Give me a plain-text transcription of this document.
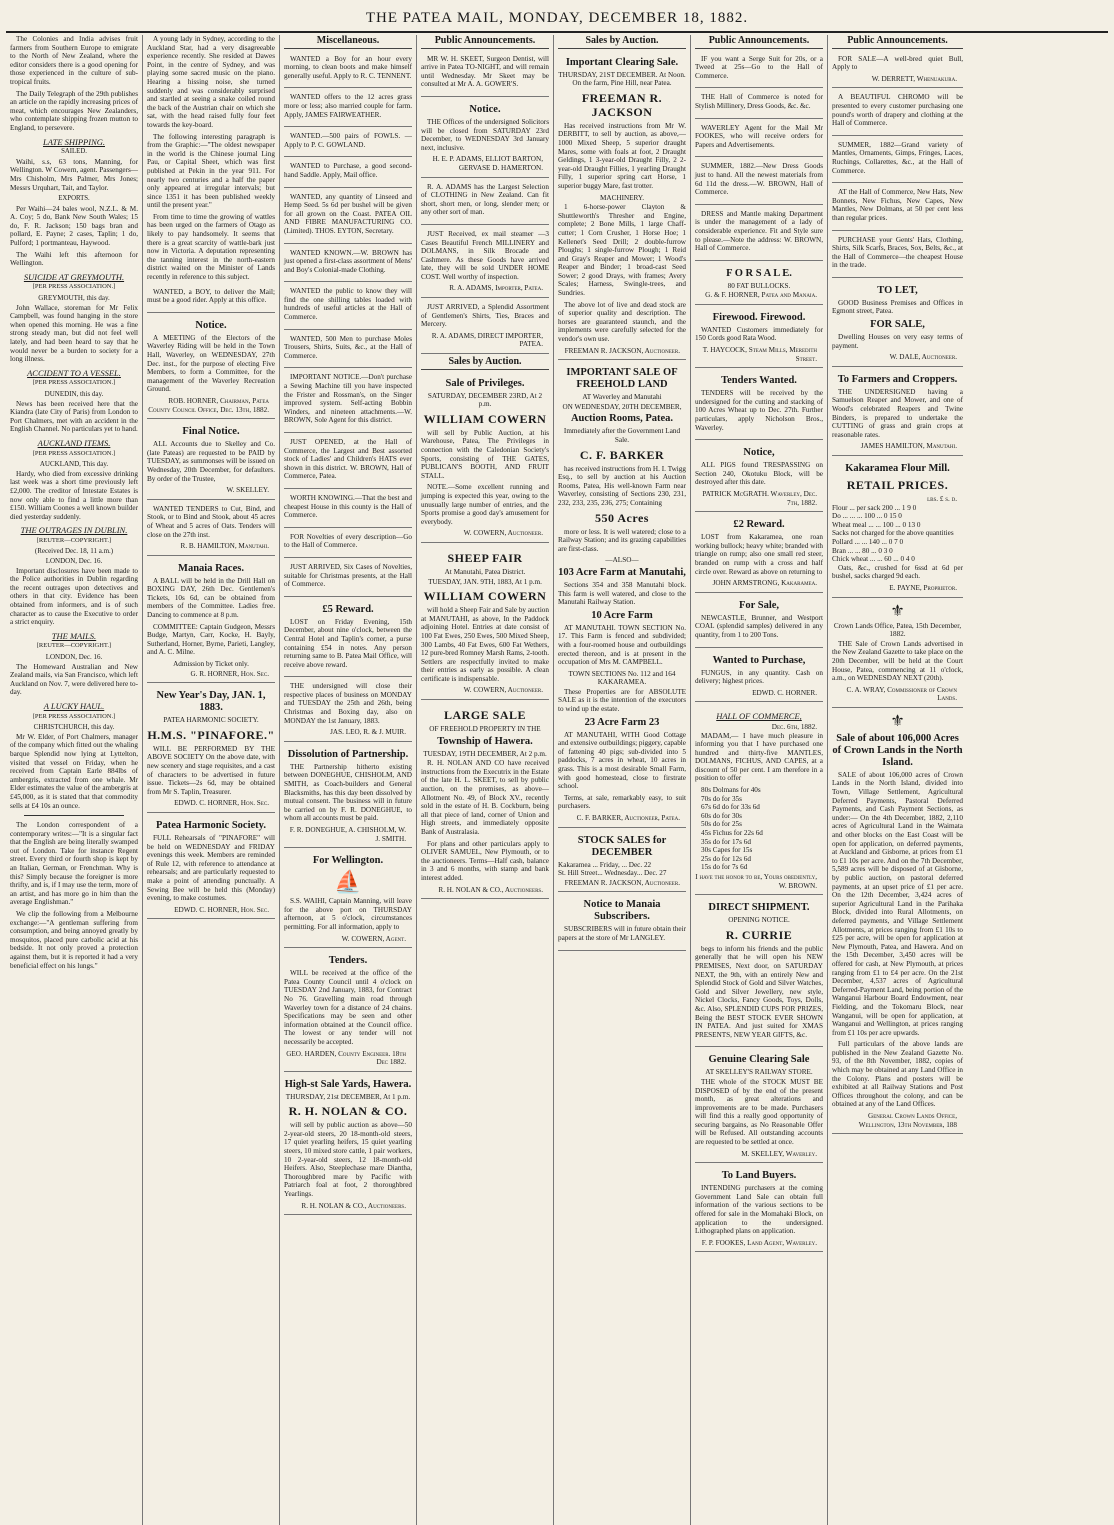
THE PATEA MAIL, MONDAY, DECEMBER 18, 1882.

The Colonies and India advises fruit farmers from Southern Europe to emigrate to the North of New Zealand, where the editor considers there is a good opening for those experienced in the culture of sub-tropical fruits.

The Daily Telegraph of the 29th publishes an article on the rapidly increasing prices of meat, which encourages New Zealanders, who contemplate shipping frozen mutton to England, to persevere.

LATE SHIPPING.
SAILED.

Waihi, s.s, 63 tons, Manning, for Wellington. W Cowern, agent. Passengers—Mrs Chisholm, Mrs Palmer, Mrs Jones; Messrs Urquhart, Tait, and Taylor.

EXPORTS.

Per Waihi—24 bales wool, N.Z.L. & M. A. Coy; 5 do, Bank New South Wales; 15 do, F. R. Jackson; 150 bags bran and pollard, E. Payne; 2 cases, Taplin; 1 do, Pulford; 1 portmanteau, Haywood.

The Waihi left this afternoon for Wellington.

SUICIDE AT GREYMOUTH.
[PER PRESS ASSOCIATION.]
GREYMOUTH, this day.

John Wallace, storeman for Mr Felix Campbell, was found hanging in the store when opened this morning. He was a fine strong steady man, but did not feel well lately, and had been heard to say that he would never be a burden to society for a long illness.

ACCIDENT TO A VESSEL.
[PER PRESS ASSOCIATION.]
DUNEDIN, this day.

News has been received here that the Kiandra (late City of Paris) from London to Port Chalmers, met with an accident in the English Channel. No particulars yet to hand.

AUCKLAND ITEMS.
[PER PRESS ASSOCIATION.]
AUCKLAND, This day.

Hardy, who died from excessive drinking last week was a short time previously left £2,000. The creditor of Intestate Estates is now only able to find a little more than £150. William Coones a well known builder died yesterday suddenly.

THE OUTRAGES IN DUBLIN.
[REUTER—COPYRIGHT.]
(Received Dec. 18, 11 a.m.)
LONDON, Dec. 16.

Important disclosures have been made to the Police authorities in Dublin regarding the recent outrages upon detectives and others in that city. Evidence has been obtained from informers, and is of such character as to cause the Executive to order a strict enquiry.

THE MAILS.
[REUTER—COPYRIGHT.]
LONDON, Dec. 16.

The Homeward Australian and New Zealand mails, via San Francisco, which left Auckland on Nov. 7, were delivered here to-day.

A LUCKY HAUL.
[PER PRESS ASSOCIATION.]
CHRISTCHURCH, this day.

Mr W. Elder, of Port Chalmers, manager of the company which fitted out the whaling barque Splendid now lying at Lyttelton, visited that vessel on Friday, when he received from Captain Earle 884lbs of ambergris, extracted from one whale. Mr Elder estimates the value of the ambergris at £45,000, as it is stated that that commodity sells at £4 10s an ounce.

The London correspondent of a contemporary writes:—"It is a singular fact that the English are being literally swamped out of London. Take for instance Regent street. Every third or fourth shop is kept by an Italian, German, or Frenchman. Why is this? Simply because the foreigner is more thrifty, and is, if I may use the term, more of an artist, and has more go in him than the average Englishman."

We clip the following from a Melbourne exchange:—"A gentleman suffering from consumption, and being annoyed greatly by mosquitos, placed pure carbolic acid at his bedside. It not only proved a protection against them, but it is reported it had a very beneficial effect on his lungs."

A young lady in Sydney, according to the Auckland Star, had a very disagreeable experience recently. She resided at Dawes Point, in the centre of Sydney, and was playing some sacred music on the piano. Hearing a hissing noise, she turned suddenly and was considerably surprised and startled at seeing a snake coiled round the back of the Austrian chair on which she sat, with the head raised fully four feet towards the key-board.

The following interesting paragraph is from the Graphic:—"The oldest newspaper in the world is the Chinese journal Ling Pau, or Capital Sheet, which was first published at Pekin in the year 911. For nearly two centuries and a half the paper only appeared at irregular intervals; but since 1351 it has been published weekly until the present year."

From time to time the growing of wattles has been urged on the farmers of Otago as likely to pay handsomely. It seems that there is a great scarcity of wattle-bark just now in Victoria. A deputation representing the tanning interest in the north-eastern district waited on the Minister of Lands recently in reference to this subject.

WANTED, a BOY, to deliver the Mail; must be a good rider. Apply at this office.

Notice.

A MEETING of the Electors of the Waverley Riding will be held in the Town Hall, Waverley, on WEDNESDAY, 27th Dec. inst., for the purpose of electing Five Members, to form a Committee, for the management of the Waverley Recreation Ground.

ROB. HORNER, Chairman, Patea County Council Office, Dec. 13th, 1882.
Final Notice.

ALL Accounts due to Skelley and Co. (late Pateas) are requested to be PAID by TUESDAY, as summonses will be issued on Wednesday, 20th December, for defaulters. By order of the Trustee,

W. SKELLEY.

WANTED TENDERS to Cut, Bind, and Stook, or to Bind and Stook, about 45 acres of Wheat and 5 acres of Oats. Tenders will close on the 27th inst.

R. B. HAMILTON, Manutahi.
Manaia Races.

A BALL will be held in the Drill Hall on BOXING DAY, 26th Dec. Gentlemen's Tickets, 10s 6d, can be obtained from members of the Committee. Ladies free. Dancing to commence at 8 p.m.

COMMITTEE: Captain Gudgeon, Messrs Budge, Martyn, Carr, Kocke, H. Bayly, Sutherland, Horner, Byrne, Parieti, Langley, and A. C. Milne.

Admission by Ticket only.
G. R. HORNER, Hon. Sec.
New Year's Day, JAN. 1, 1883.
PATEA HARMONIC SOCIETY.
H.M.S. "PINAFORE."

WILL BE PERFORMED BY THE ABOVE SOCIETY On the above date, with new scenery and stage requisites, and a cast of characters to be advertised in future issue. Tickets—2s 6d, may be obtained from Mr S. Taplin, Treasurer.

EDWD. C. HORNER, Hon. Sec.
Patea Harmonic Society.

FULL Rehearsals of "PINAFORE" will be held on WEDNESDAY and FRIDAY evenings this week. Members are reminded of Rule 12, with reference to attendance at rehearsals; and are particularly requested to make a point of attending punctually. A Sewing Bee will be held this (Monday) evening, to make costumes.

EDWD. C. HORNER, Hon. Sec.
Miscellaneous.

WANTED a Boy for an hour every morning, to clean boots and make himself generally useful. Apply to R. C. TENNENT.

WANTED offers to the 12 acres grass more or less; also married couple for farm. Apply, JAMES FAIRWEATHER.

WANTED.—500 pairs of FOWLS. —Apply to P. C. GOWLAND.

WANTED to Purchase, a good second-hand Saddle. Apply, Mail office.

WANTED, any quantity of Linseed and Hemp Seed. 5s 6d per bushel will be given for all grown on the Coast. PATEA OIL AND FIBRE MANUFACTURING CO. (Limited). THOS. EYTON, Secretary.

WANTED KNOWN.—W. BROWN has just opened a first-class assortment of Mens' and Boy's Colonial-made Clothing.

WANTED the public to know they will find the one shilling tables loaded with hundreds of useful articles at the Hall of Commerce.

WANTED, 500 Men to purchase Moles Trousers, Shirts, Suits, &c., at the Hall of Commerce.

IMPORTANT NOTICE.—Don't purchase a Sewing Machine till you have inspected the Frister and Rossman's, on the Singer improved system. Self-acting Bobbin Winders, and nineteen attachments.—W. BROWN, Sole Agent for this district.

JUST OPENED, at the Hall of Commerce, the Largest and Best assorted stock of Ladies' and Children's HATS ever shown in this district. W. BROWN, Hall of Commerce, Patea.

WORTH KNOWING.—That the best and cheapest House in this county is the Hall of Commerce.

FOR Novelties of every description—Go to the Hall of Commerce.

JUST ARRIVED, Six Cases of Novelties, suitable for Christmas presents, at the Hall of Commerce.

£5 Reward.

LOST on Friday Evening, 15th December, about nine o'clock, between the Central Hotel and Taplin's corner, a purse containing £54 in notes. Any person returning same to B. Patea Mail Office, will receive above reward.

THE undersigned will close their respective places of business on MONDAY and TUESDAY the 25th and 26th, being Christmas and Boxing day, also on MONDAY the 1st January, 1883.

JAS. LEO, R. & J. MUIR.
Dissolution of Partnership.

THE Partnership hitherto existing between DONEGHUE, CHISHOLM, AND SMITH, as Coach-builders and General Blacksmiths, has this day been dissolved by mutual consent. The business will in future be carried on by F. R. DONEGHUE, to whom all accounts must be paid.

F. R. DONEGHUE, A. CHISHOLM, W. J. SMITH.
For Wellington.
⛵

S.S. WAIHI, Captain Manning, will leave for the above port on THURSDAY afternoon, at 5 o'clock, circumstances permitting. For all information, apply to

W. COWERN, Agent.
Tenders.

WILL be received at the office of the Patea County Council until 4 o'clock on TUESDAY 2nd January, 1883, for Contract No 76. Gravelling main road through Waverley town for a distance of 24 chains. Specifications may be seen and other information obtained at the Council office. The lowest or any tender will not necessarily be accepted.

GEO. HARDEN, County Engineer. 18th Dec 1882.
High-st Sale Yards, Hawera.
THURSDAY, 21st DECEMBER, At 1 p.m.
R. H. NOLAN & CO.

will sell by public auction as above—50 2-year-old steers, 20 18-month-old steers, 17 quiet yearling heifers, 15 quiet yearling steers, 10 mixed store cattle, 1 pair workers, 10 2-year-old steers, 12 18-month-old Heifers. Also, Steeplechase mare Diantha, Thoroughbred mare by Pacific with Patriarch foal at foot, 2 thoroughbred Yearlings.

R. H. NOLAN & CO., Auctioneers.
Public Announcements.

MR W. H. SKEET, Surgeon Dentist, will arrive in Patea TO-NIGHT, and will remain until Wednesday. Mr Skeet may be consulted at Mr A. A. GOWER'S.

Notice.

THE Offices of the undersigned Solicitors will be closed from SATURDAY 23rd December, to WEDNESDAY 3rd January next, inclusive.

H. E. P. ADAMS, ELLIOT BARTON, GERVASE D. HAMERTON.

R. A. ADAMS has the Largest Selection of CLOTHING in New Zealand. Can fit short, short men, or long, slender men; or any other sort of man.

JUST Received, ex mail steamer —3 Cases Beautiful French MILLINERY and DOLMANS, in Silk Brocade and Cashmere. As these Goods have arrived late, they will be sold UNDER HOME COST. Well worthy of inspection.

R. A. ADAMS, Importer, Patea.

JUST ARRIVED, a Splendid Assortment of Gentlemen's Shirts, Ties, Braces and Mercery.

R. A. ADAMS, DIRECT IMPORTER, PATEA.
Sales by Auction.
Sale of Privileges.
SATURDAY, DECEMBER 23RD, At 2 p.m.
WILLIAM COWERN

will sell by Public Auction, at his Warehouse, Patea, The Privileges in connection with the Caledonian Society's Sports, consisting of THE GATES, PUBLICAN'S BOOTH, AND FRUIT STALL.

NOTE.—Some excellent running and jumping is expected this year, owing to the unusually large number of entries, and the Sports promise a good day's amusement for everybody.

W. COWERN, Auctioneer.
SHEEP FAIR
At Manutahi, Patea District.
TUESDAY, JAN. 9TH, 1883, At 1 p.m.
WILLIAM COWERN

will hold a Sheep Fair and Sale by auction at MANUTAHI, as above, In the Paddock adjoining Hotel. Entries at date consist of 100 Fat Ewes, 250 Ewes, 500 Mixed Sheep, 300 Lambs, 40 Fat Ewes, 600 Fat Wethers, 12 pure-bred Romney Marsh Rams, 2-tooth. Settlers are respectfully invited to make their entries as early as possible. A clean certificate is indispensable.

W. COWERN, Auctioneer.
LARGE SALE
OF FREEHOLD PROPERTY IN THE
Township of Hawera.
TUESDAY, 19TH DECEMBER, At 2 p.m.

R. H. NOLAN AND CO have received instructions from the Executrix in the Estate of the late H. L. SKEET, to sell by public auction, on the premises, as above— Allotment No. 49, of Block XV., recently sold in the estate of H. B. Cockburn, being all that piece of land, corner of Union and High streets, and immediately opposite Bank of Australasia.

For plans and other particulars apply to OLIVER SAMUEL, New Plymouth, or to the auctioneers. Terms—Half cash, balance in 3 and 6 months, with stamp and bank interest added.

R. H. NOLAN & CO., Auctioneers.
Sales by Auction.
Important Clearing Sale.
THURSDAY, 21ST DECEMBER. At Noon. On the farm, Pine Hill, near Patea.
FREEMAN R. JACKSON

Has received instructions from Mr W. DERBITT, to sell by auction, as above,— 1000 Mixed Sheep, 5 superior draught Mares, some with foals at foot, 2 Draught Geldings, 1 3-year-old Draught Filly, 2 2-year-old Draught Fillies, 1 yearling Draught Filly, 1 superior spring cart Horse, 1 superior buggy Mare, fast trotter.

MACHINERY.

1 6-horse-power Clayton & Shuttleworth's Thresher and Engine, complete; 2 Bone Mills, 1 large Chaff-cutter; 1 Corn Crusher, 1 Horse Hoe; 1 Kellenet's Seed Drill; 2 double-furrow Ploughs; 1 single-furrow Plough; 1 Reid and Gray's Reaper and Mower; 1 Wood's Reaper and Binder; 1 broad-cast Seed Sower; 2 good Drays, with frames; Avery Scales; Harness, Swingle-trees, and Sundries.

The above lot of live and dead stock are of superior quality and description. The horses are guaranteed staunch, and the implements were carefully selected for the vendor's own use.

FREEMAN R. JACKSON, Auctioneer.
IMPORTANT SALE OF FREEHOLD LAND
AT Waverley and Manutahi
ON WEDNESDAY, 20TH DECEMBER,
Auction Rooms, Patea.
Immediately after the Government Land Sale.
C. F. BARKER

has received instructions from H. I. Twigg Esq., to sell by auction at his Auction Rooms, Patea, His well-known Farm near Waverley, consisting of Sections 230, 231, 232, 233, 235, 236, 275; Containing

550 Acres

more or less. It is well watered; close to a Railway Station; and its grazing capabilities are first-class.

—ALSO—
103 Acre Farm at Manutahi,

Sections 354 and 358 Manutahi block. This farm is well watered, and close to the Manutahi Railway Station.

10 Acre Farm

AT MANUTAHI. TOWN SECTION No. 17. This Farm is fenced and subdivided; with a four-roomed house and outbuildings erected thereon, and is at present in the occupation of Mrs M. CAMPBELL.

TOWN SECTIONS No. 112 and 164 KAKARAMEA.

These Properties are for ABSOLUTE SALE as it is the intention of the executors to wind up the estate.

23 Acre Farm 23

AT MANUTAHI, WITH Good Cottage and extensive outbuildings; piggery, capable of fattening 40 pigs; sub-divided into 5 paddocks, 7 acres in wheat, 10 acres in grass. This is a most desirable Small Farm, with good homestead, close to firstrate school.

Terms, at sale, remarkably easy, to suit purchasers.

C. F. BARKER, Auctioneer, Patea.
STOCK SALES for DECEMBER
Kakaramea ... Friday, ... Dec. 22
St. Hill Street... Wednesday... Dec. 27
FREEMAN R. JACKSON, Auctioneer.
Notice to Manaia Subscribers.

SUBSCRIBERS will in future obtain their papers at the store of Mr LANGLEY.

Public Announcements.

IF you want a Serge Suit for 20s, or a Tweed at 25s—Go to the Hall of Commerce.

THE Hall of Commerce is noted for Stylish Millinery, Dress Goods, &c. &c.

WAVERLEY Agent for the Mail Mr FOOKES, who will receive orders for Papers and Advertisements.

SUMMER, 1882.—New Dress Goods just to hand. All the newest materials from 6d 11d the dress.—W. BROWN, Hall of Commerce.

DRESS and Mantle making Department is under the management of a lady of considerable experience. Fit and Style sure to please.—Note the address: W. BROWN, Hall of Commerce.

F O R S A L E.
80 FAT BULLOCKS.
G. & F. HORNER, Patea and Manaia.
Firewood. Firewood.

WANTED Customers immediately for 150 Cords good Rata Wood.

T. HAYCOCK, Steam Mills, Meredith Street.
Tenders Wanted.

TENDERS will be received by the undersigned for the cutting and stacking of 100 Acres Wheat up to Dec. 27th. Further particulars, apply Nicholson Bros., Waverley.

Notice,

ALL PIGS found TRESPASSING on Section 240, Okotuku Block, will be destroyed after this date.

PATRICK McGRATH. Waverley, Dec. 7th, 1882.
£2 Reward.

LOST from Kakaramea, one roan working bullock; heavy white; branded with triangle on rump; also one small red steer, branded on rump with a cross and half circle over. Reward as above on returning to

JOHN ARMSTRONG, Kakaramea.
For Sale,

NEWCASTLE, Brunner, and Westport COAL (splendid samples) delivered in any quantity, from 1 to 200 Tons.

Wanted to Purchase,

FUNGUS, in any quantity. Cash on delivery; highest prices.

EDWD. C. HORNER.
HALL OF COMMERCE,
Dec. 6th, 1882.

MADAM,— I have much pleasure in informing you that I have purchased one hundred and thirty-five MANTLES, DOLMANS, FICHUS, AND CAPES, at a discount of 50 per cent. I am therefore in a position to offer

80s Dolmans for 40s
70s do for 35s
67s 6d do for 33s 6d
60s do for 30s
50s do for 25s
45s Fichus for 22s 6d
35s do for 17s 6d
30s Capes for 15s
25s do for 12s 6d
15s do for 7s 6d
I have the honor to be, Yours obediently, W. BROWN.
DIRECT SHIPMENT.
OPENING NOTICE.
R. CURRIE

begs to inform his friends and the public generally that he will open his NEW PREMISES, Next door, on SATURDAY NEXT, the 9th, with an entirely New and Splendid Stock of Gold and Silver Watches, Gold and Silver Jewellery, new style, Nickel Clocks, Fancy Goods, Toys, Dolls, &c. Also, SPLENDID CUPS FOR PRIZES, Being the BEST STOCK EVER SHOWN IN PATEA. And just suited for XMAS PRESENTS, NEW YEAR GIFTS, &c.

Genuine Clearing Sale
AT SKELLEY'S RAILWAY STORE.

THE whole of the STOCK MUST BE DISPOSED of by the end of the present month, as great alterations and improvements are to be made. Purchasers will find this a really good opportunity of securing bargains, as No Reasonable Offer will be Refused. All outstanding accounts are requested to be settled at once.

M. SKELLEY, Waverley.
To Land Buyers.

INTENDING purchasers at the coming Government Land Sale can obtain full information of the various sections to be offered for sale in the Momahaki Block, on application to the undersigned. Lithographed plans on application.

F. P. FOOKES, Land Agent, Waverley.
Public Announcements.

FOR SALE—A well-bred quiet Bull, Apply to

W. DERRETT, Whenuakura.

A BEAUTIFUL CHROMO will be presented to every customer purchasing one pound's worth of drapery and clothing at the Hall of Commerce.

SUMMER, 1882—Grand variety of Mantles, Ornaments, Gimps, Fringes, Laces, Ruchings, Collarettes, &c., at the Hall of Commerce.

AT the Hall of Commerce, New Hats, New Bonnets, New Fichus, New Capes, New Mantles, New Dolmans, at 50 per cent less than regular prices.

PURCHASE your Gents' Hats, Clothing, Shirts, Silk Scarfs, Braces, Sox, Belts, &c., at the Hall of Commerce—the cheapest House in the trade.

TO LET,

GOOD Business Premises and Offices in Egmont street, Patea.

FOR SALE,

Dwelling Houses on very easy terms of payment.

W. DALE, Auctioneer.
To Farmers and Croppers.

THE UNDERSIGNED having a Samuelson Reaper and Mower, and one of Wood's celebrated Reapers and Twine Binders, is prepared to undertake the CUTTING of grass and grain crops at reasonable rates.

JAMES HAMILTON, Manutahi.
Kakaramea Flour Mill.
RETAIL PRICES.
lbs. £ s. d.
Flour ... per sack 200 ... 1 9 0
Do ... ... ... 100 ... 0 15 0
Wheat meal ... ... 100 ... 0 13 0
Sacks not charged for the above quantities
Pollard ... ... 140 ... 0 7 0
Bran ... ... 80 ... 0 3 0
Chick wheat ... ... 60 ... 0 4 0

Oats, &c., crushed for 6ssd at 6d per bushel, sacks charged 9d each.

E. PAYNE, Proprietor.
⚜
Crown Lands Office, Patea, 15th December, 1882.

THE Sale of Crown Lands advertised in the New Zealand Gazette to take place on the 20th December, will be held at the Court House, Patea, commencing at 11 o'clock, a.m., on WEDNESDAY NEXT (20th).

C. A. WRAY, Commissioner of Crown Lands.
⚜
Sale of about 106,000 Acres of Crown Lands in the North Island.

SALE of about 106,000 acres of Crown Lands in the North Island, divided into Town, Village Settlement, Agricultural Deferred Payments, Pastoral Deferred Payments, and Cash Payment Sections, as under:— On the 4th December, 1882, 2,110 acres of Agricultural Land in the Waimata and other blocks on the East Coast will be open for application, on deferred payments, at Auckland and Gisborne, at prices from £1 to £1 10s per acre. And on the 7th December, 5,589 acres will be disposed of at Gisborne, by public auction, on pastoral deferred payments, at an upset price of £1 per acre. On the 12th December, 3,424 acres of superior Agricultural Land in the Parihaka Block, divided into Rural Allotments, on deferred payments, and Village Settlement Allotments, at prices ranging from £1 10s to £25 per acre, will be open for application at New Plymouth, Patea, and Hawera. And on the 15th December, 3,450 acres will be offered for cash, at New Plymouth, at prices ranging from £1 to £4 per acre. On the 21st December, 4,537 acres of Agricultural Deferred-Payment Land, being portion of the Wanganui Harbour Board Endowment, near Fielding, and the Tokomaru Block, near Wanganui, will be open for application, at Wanganui and Wellington, at prices ranging from £1 10s per acre upwards.

Full particulars of the above lands are published in the New Zealand Gazette No. 93, of the 8th November, 1882, copies of which may be obtained at any Land Office in the Colony. Plans and posters will be exhibited at all Railway Stations and Post Offices throughout the colony, and can be obtained at any of the Land Offices.

General Crown Lands Office, Wellington, 13th November, 188
